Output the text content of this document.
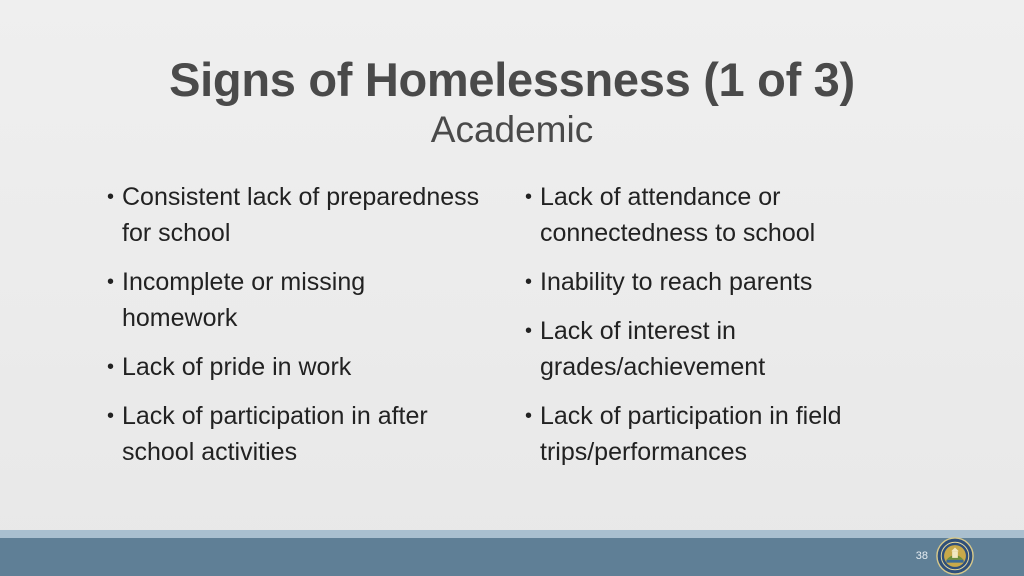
Signs of Homelessness (1 of 3)
Academic
• Consistent lack of preparedness for school
• Incomplete or missing homework
• Lack of pride in work
• Lack of participation in after school activities
• Lack of attendance or connectedness to school
• Inability to reach parents
• Lack of interest in grades/achievement
• Lack of participation in field trips/performances
38
